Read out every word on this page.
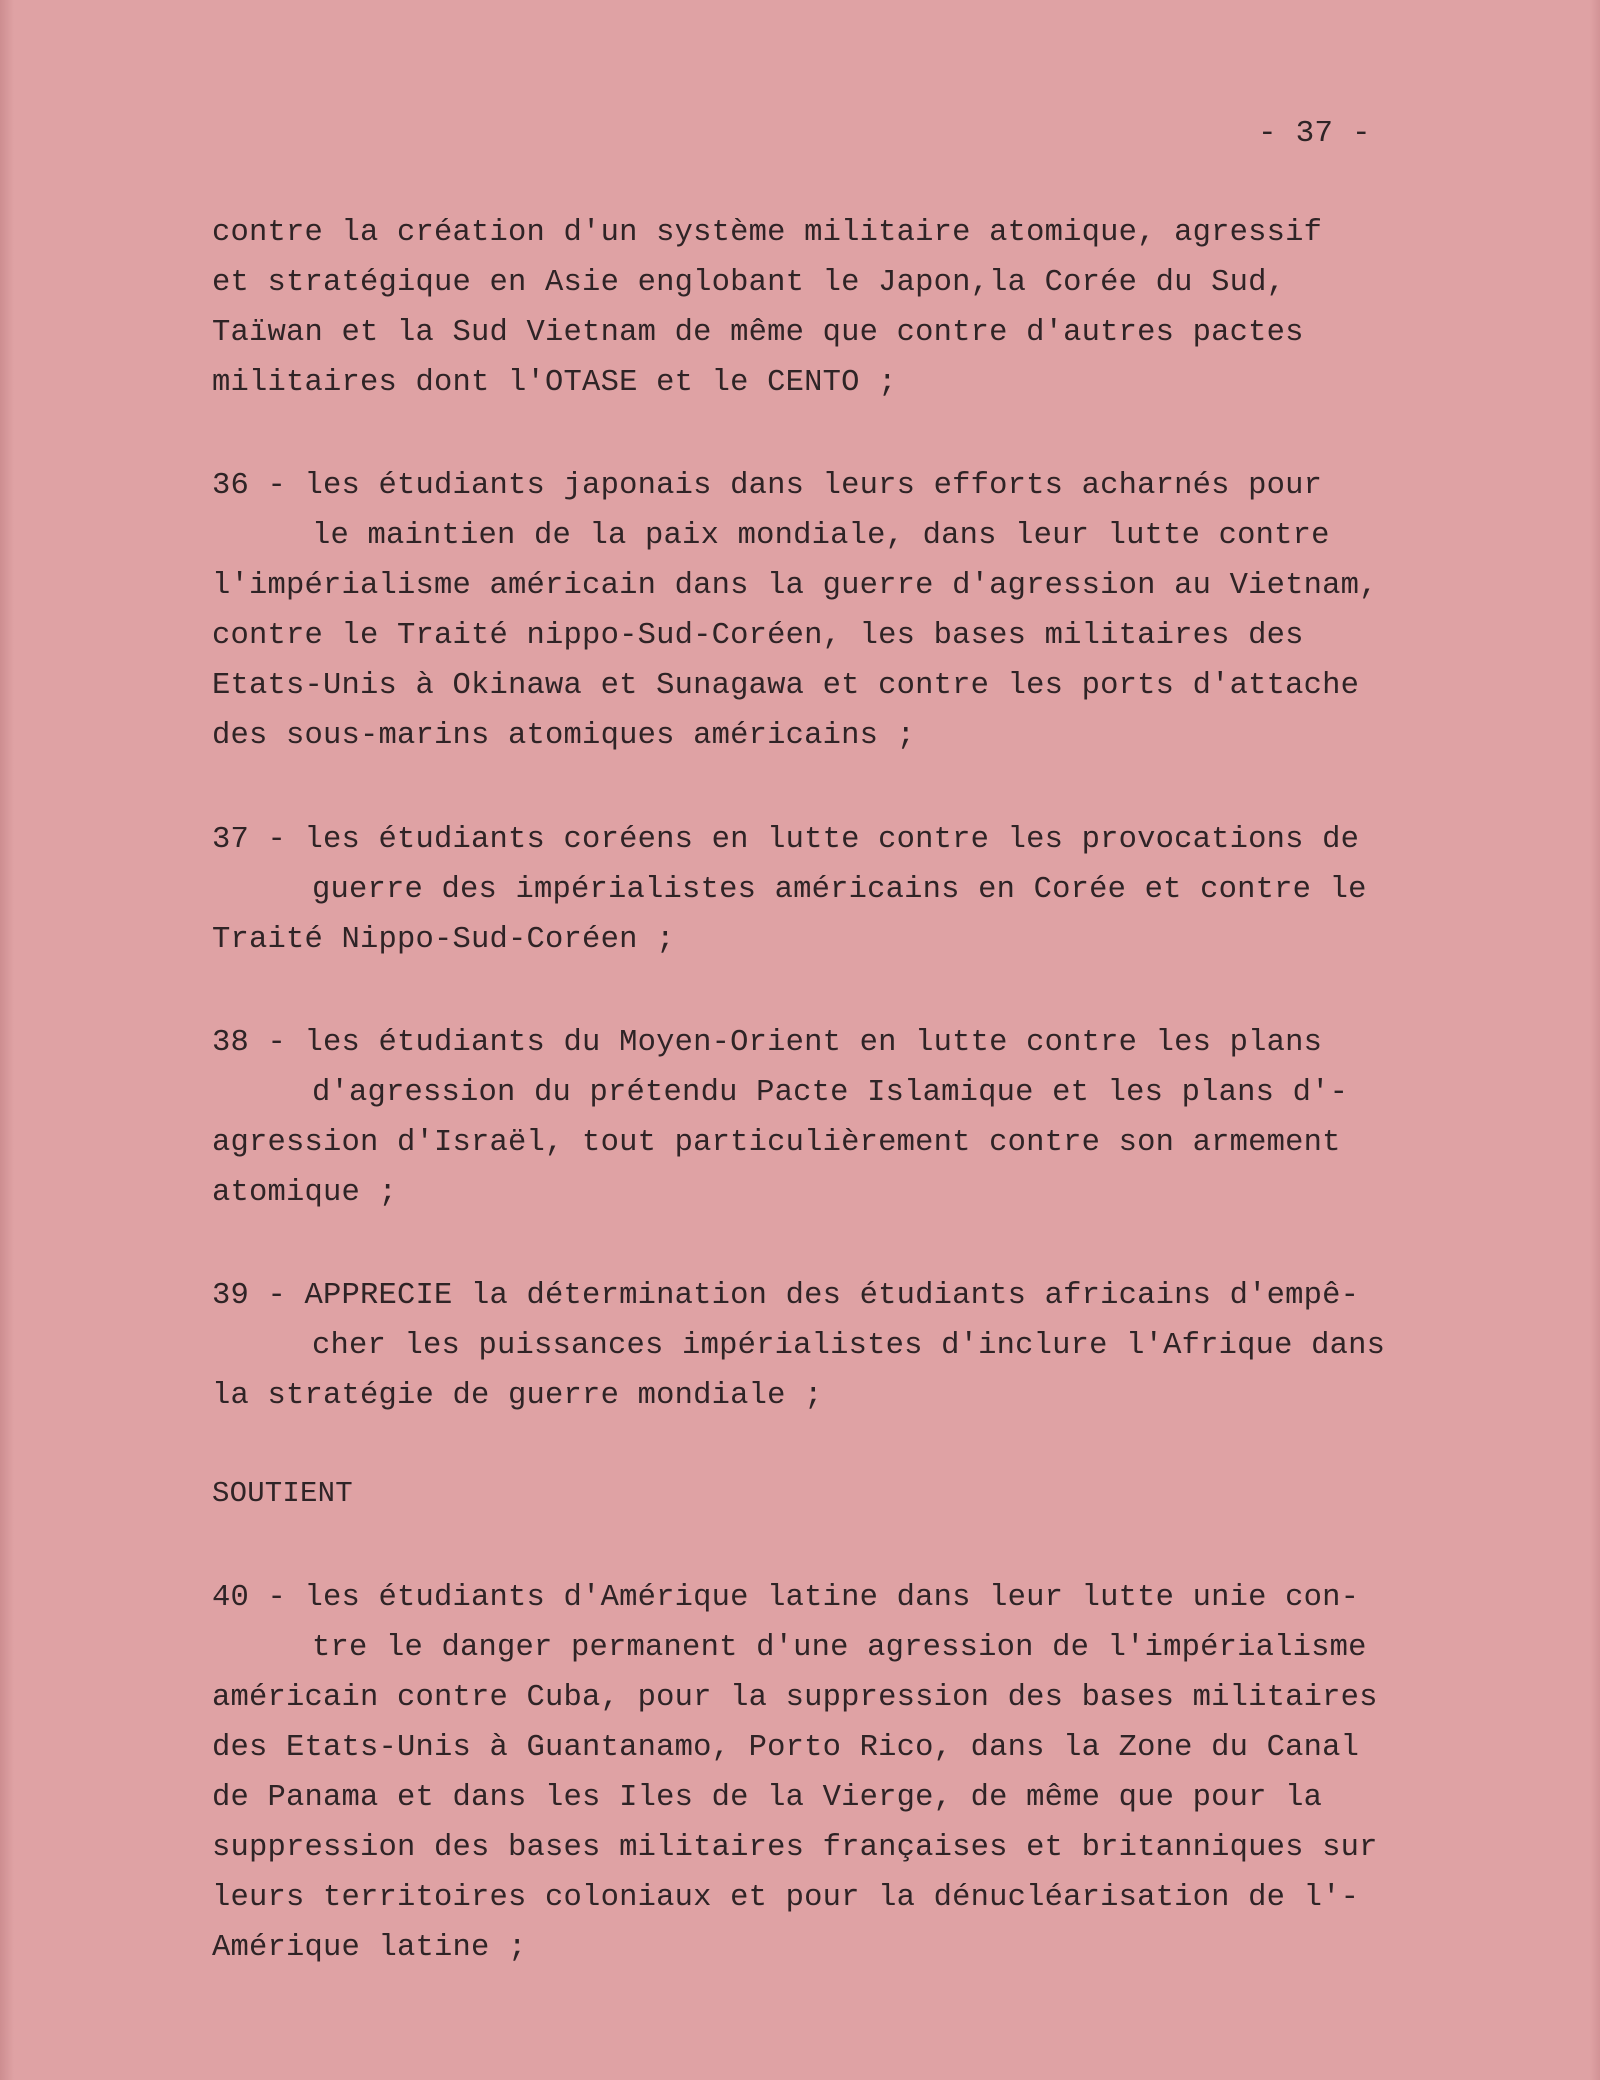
- 37 -
contre la création d'un système militaire atomique, agressif
et stratégique en Asie englobant le Japon,la Corée du Sud,
Taïwan et la Sud Vietnam de même que contre d'autres pactes
militaires dont l'OTASE et le CENTO ;
36 - les étudiants japonais dans leurs efforts acharnés pour
le maintien de la paix mondiale, dans leur lutte contre
l'impérialisme américain dans la guerre d'agression au Vietnam,
contre le Traité nippo-Sud-Coréen, les bases militaires des
Etats-Unis à Okinawa et Sunagawa et contre les ports d'attache
des sous-marins atomiques américains ;
37 - les étudiants coréens en lutte contre les provocations de
guerre des impérialistes américains en Corée et contre le
Traité Nippo-Sud-Coréen ;
38 - les étudiants du Moyen-Orient en lutte contre les plans
d'agression du prétendu Pacte Islamique et les plans d'-
agression d'Israël, tout particulièrement contre son armement
atomique ;
39 - APPRECIE la détermination des étudiants africains d'empê-
cher les puissances impérialistes d'inclure l'Afrique dans
la stratégie de guerre mondiale ;
SOUTIENT
40 - les étudiants d'Amérique latine dans leur lutte unie con-
tre le danger permanent d'une agression de l'impérialisme
américain contre Cuba, pour la suppression des bases militaires
des Etats-Unis à Guantanamo, Porto Rico, dans la Zone du Canal
de Panama et dans les Iles de la Vierge, de même que pour la
suppression des bases militaires françaises et britanniques sur
leurs territoires coloniaux et pour la dénucléarisation de l'-
Amérique latine ;
